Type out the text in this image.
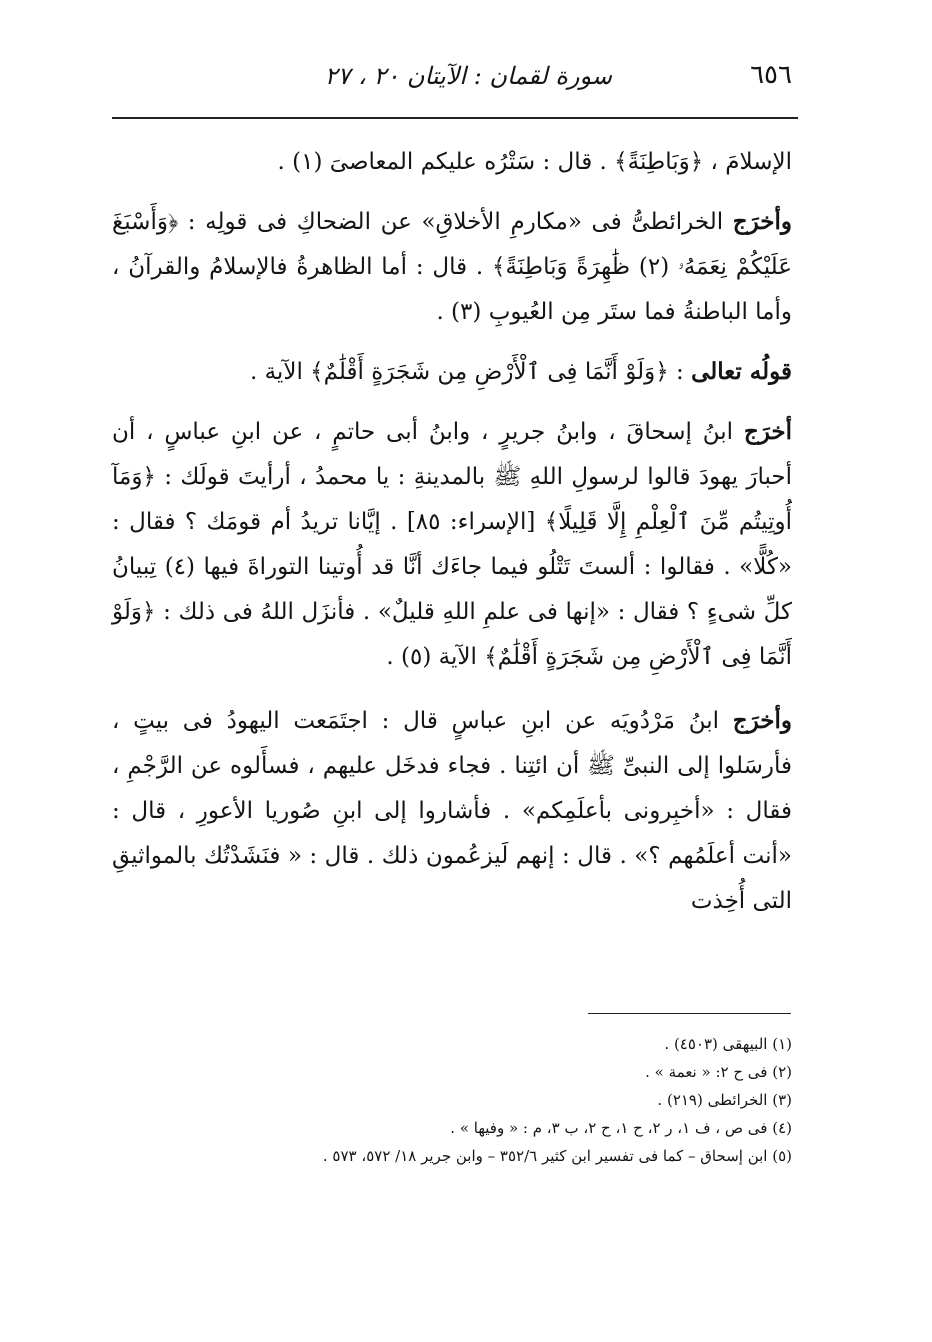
٦٥٦
سورة لقمان : الآيتان ٢٠ ، ٢٧

الإسلامَ ، ﴿وَبَاطِنَةً﴾ . قال : سَتْرُه عليكم المعاصىَ (١) .

وأخرَج الخرائطىُّ فى «مكارمِ الأخلاقِ» عن الضحاكِ فى قولِه : ﴿وَأَسْبَغَ عَلَيْكُمْ نِعَمَهُۥ (٢) ظَٰهِرَةً وَبَاطِنَةً﴾ . قال : أما الظاهرةُ فالإسلامُ والقرآنُ ، وأما الباطنةُ فما ستَر مِن العُيوبِ (٣) .

قولُه تعالى : ﴿وَلَوْ أَنَّمَا فِى ٱلْأَرْضِ مِن شَجَرَةٍ أَقْلَٰمٌ﴾ الآية .

أخرَج ابنُ إسحاقَ ، وابنُ جريرٍ ، وابنُ أبى حاتمٍ ، عن ابنِ عباسٍ ، أن أحبارَ يهودَ قالوا لرسولِ اللهِ ﷺ بالمدينةِ : يا محمدُ ، أرأيتَ قولَك : ﴿وَمَآ أُوتِيتُم مِّنَ ٱلْعِلْمِ إِلَّا قَلِيلًا﴾ [الإسراء: ٨٥] . إيَّانا تريدُ أم قومَك ؟ فقال : «كُلًّا» . فقالوا : ألستَ تَتْلُو فيما جاءَك أنَّا قد أُوتينا التوراةَ فيها (٤) تِبيانُ كلِّ شىءٍ ؟ فقال : «إنها فى علمِ اللهِ قليلٌ» . فأنزَل اللهُ فى ذلك : ﴿وَلَوْ أَنَّمَا فِى ٱلْأَرْضِ مِن شَجَرَةٍ أَقْلَٰمٌ﴾ الآية (٥) .

وأخرَج ابنُ مَرْدُويَه عن ابنِ عباسٍ قال : اجتَمَعت اليهودُ فى بيتٍ ، فأرسَلوا إلى النبىِّ ﷺ أن ائتِنا . فجاء فدخَل عليهم ، فسأَلوه عن الرَّجْمِ ، فقال : «أخبِرونى بأعلَمِكم» . فأشاروا إلى ابنِ صُوريا الأعورِ ، قال : «أنت أعلَمُهم ؟» . قال : إنهم لَيزعُمون ذلك . قال : « فنَشَدْتُك بالمواثيقِ التى أُخِذت

(١) البيهقى (٤٥٠٣) .
(٢) فى ح ٢: « نعمة » .
(٣) الخرائطى (٢١٩) .
(٤) فى ص ، ف ١، ر ٢، ح ١، ح ٢، ب ٣، م : « وفيها » .
(٥) ابن إسحاق – كما فى تفسير ابن كثير ٣٥٢/٦ – وابن جرير ١٨/ ٥٧٢، ٥٧٣ .
